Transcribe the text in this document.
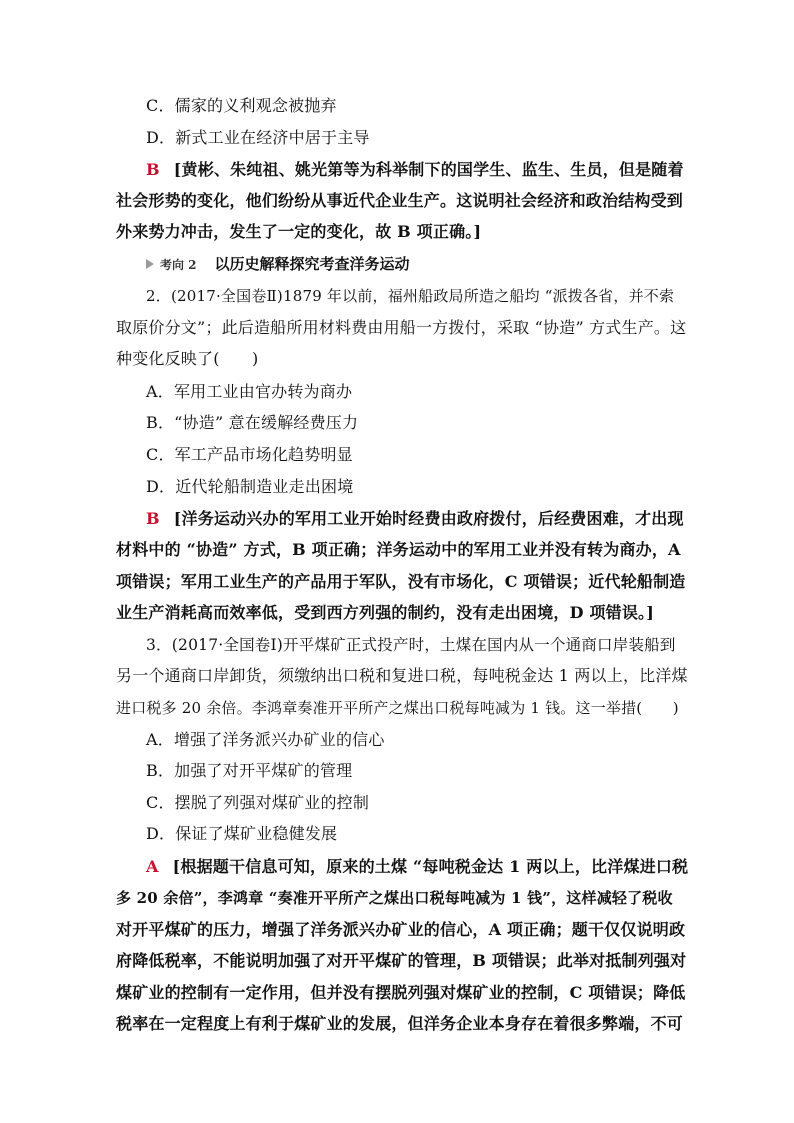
C．儒家的义利观念被抛弃
D．新式工业在经济中居于主导
B [黄彬、朱纯祖、姚光第等为科举制下的国学生、监生、生员，但是随着
社会形势的变化，他们纷纷从事近代企业生产。这说明社会经济和政治结构受到
外来势力冲击，发生了一定的变化，故 B 项正确。]
考向 2 以历史解释探究考查洋务运动
2．(2017·全国卷Ⅱ)1879 年以前，福州船政局所造之船均 “派拨各省，并不索
取原价分文”；此后造船所用材料费由用船一方拨付，采取 “协造” 方式生产。这
种变化反映了(　　)
A．军用工业由官办转为商办
B．“协造” 意在缓解经费压力
C．军工产品市场化趋势明显
D．近代轮船制造业走出困境
B [洋务运动兴办的军用工业开始时经费由政府拨付，后经费困难，才出现
材料中的 “协造” 方式，B 项正确；洋务运动中的军用工业并没有转为商办，A
项错误；军用工业生产的产品用于军队，没有市场化，C 项错误；近代轮船制造
业生产消耗高而效率低，受到西方列强的制约，没有走出困境，D 项错误。]
3．(2017·全国卷Ⅰ)开平煤矿正式投产时，土煤在国内从一个通商口岸装船到
另一个通商口岸卸货，须缴纳出口税和复进口税，每吨税金达 1 两以上，比洋煤
进口税多 20 余倍。李鸿章奏准开平所产之煤出口税每吨减为 1 钱。这一举措(　　)
A．增强了洋务派兴办矿业的信心
B．加强了对开平煤矿的管理
C．摆脱了列强对煤矿业的控制
D．保证了煤矿业稳健发展
A [根据题干信息可知，原来的土煤 “每吨税金达 1 两以上，比洋煤进口税
多 20 余倍”，李鸿章 “奏准开平所产之煤出口税每吨减为 1 钱”，这样减轻了税收
对开平煤矿的压力，增强了洋务派兴办矿业的信心，A 项正确；题干仅仅说明政
府降低税率，不能说明加强了对开平煤矿的管理，B 项错误；此举对抵制列强对
煤矿业的控制有一定作用，但并没有摆脱列强对煤矿业的控制，C 项错误；降低
税率在一定程度上有利于煤矿业的发展，但洋务企业本身存在着很多弊端，不可
